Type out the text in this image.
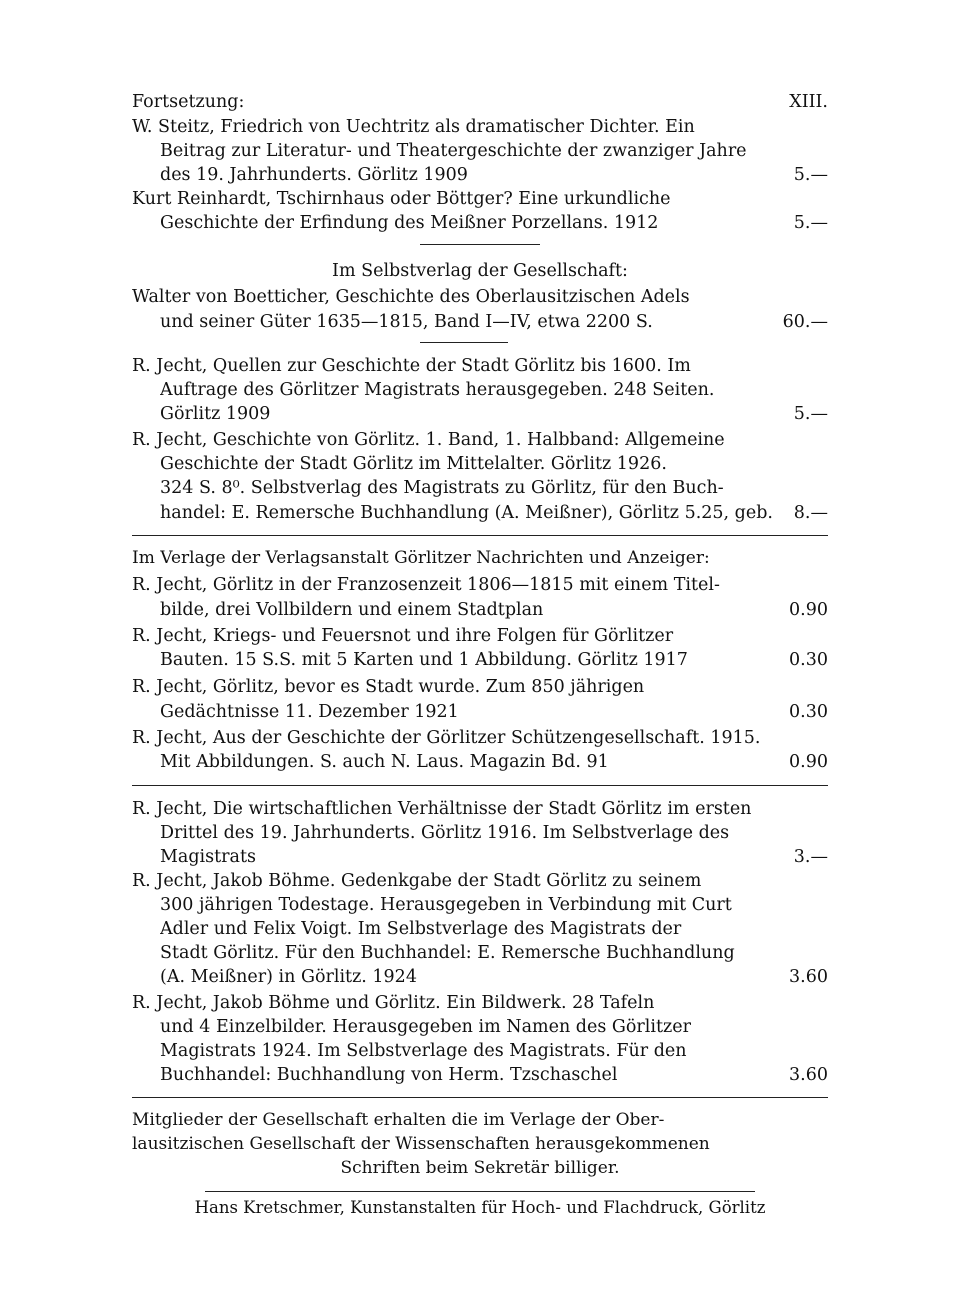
Fortsetzung:	XIII.
W. Steitz, Friedrich von Uechtritz als dramatischer Dichter. Ein
Beitrag zur Literatur- und Theatergeschichte der zwanziger Jahre
des 19. Jahrhunderts. Görlitz 1909	5.—
Kurt Reinhardt, Tschirnhaus oder Böttger? Eine urkundliche
Geschichte der Erfindung des Meißner Porzellans. 1912	5.—
Im Selbstverlag der Gesellschaft:
Walter von Boetticher, Geschichte des Oberlausitzischen Adels
und seiner Güter 1635—1815, Band I—IV, etwa 2200 S.	60.—
R. Jecht, Quellen zur Geschichte der Stadt Görlitz bis 1600. Im
Auftrage des Görlitzer Magistrats herausgegeben. 248 Seiten.
Görlitz 1909	5.—
R. Jecht, Geschichte von Görlitz. 1. Band, 1. Halbband: Allgemeine
Geschichte der Stadt Görlitz im Mittelalter. Görlitz 1926.
324 S. 8⁰. Selbstverlag des Magistrats zu Görlitz, für den Buch-
handel: E. Remersche Buchhandlung (A. Meißner), Görlitz 5.25, geb. 8.—
Im Verlage der Verlagsanstalt Görlitzer Nachrichten und Anzeiger:
R. Jecht, Görlitz in der Franzosenzeit 1806—1815 mit einem Titel-
bilde, drei Vollbildern und einem Stadtplan	0.90
R. Jecht, Kriegs- und Feuersnot und ihre Folgen für Görlitzer
Bauten. 15 S.S. mit 5 Karten und 1 Abbildung. Görlitz 1917	0.30
R. Jecht, Görlitz, bevor es Stadt wurde. Zum 850 jährigen
Gedächtnisse 11. Dezember 1921	0.30
R. Jecht, Aus der Geschichte der Görlitzer Schützengesellschaft. 1915.
Mit Abbildungen. S. auch N. Laus. Magazin Bd. 91	0.90
R. Jecht, Die wirtschaftlichen Verhältnisse der Stadt Görlitz im ersten
Drittel des 19. Jahrhunderts. Görlitz 1916. Im Selbstverlage des
Magistrats	3.—
R. Jecht, Jakob Böhme. Gedenkgabe der Stadt Görlitz zu seinem
300 jährigen Todestage. Herausgegeben in Verbindung mit Curt
Adler und Felix Voigt. Im Selbstverlage des Magistrats der
Stadt Görlitz. Für den Buchhandel: E. Remersche Buchhandlung
(A. Meißner) in Görlitz. 1924	3.60
R. Jecht, Jakob Böhme und Görlitz. Ein Bildwerk. 28 Tafeln
und 4 Einzelbilder. Herausgegeben im Namen des Görlitzer
Magistrats 1924. Im Selbstverlage des Magistrats. Für den
Buchhandel: Buchhandlung von Herm. Tzschaschel	3.60
Mitglieder der Gesellschaft erhalten die im Verlage der Ober-
lausitzischen Gesellschaft der Wissenschaften herausgekommenen
Schriften beim Sekretär billiger.
Hans Kretschmer, Kunstanstalten für Hoch- und Flachdruck, Görlitz
